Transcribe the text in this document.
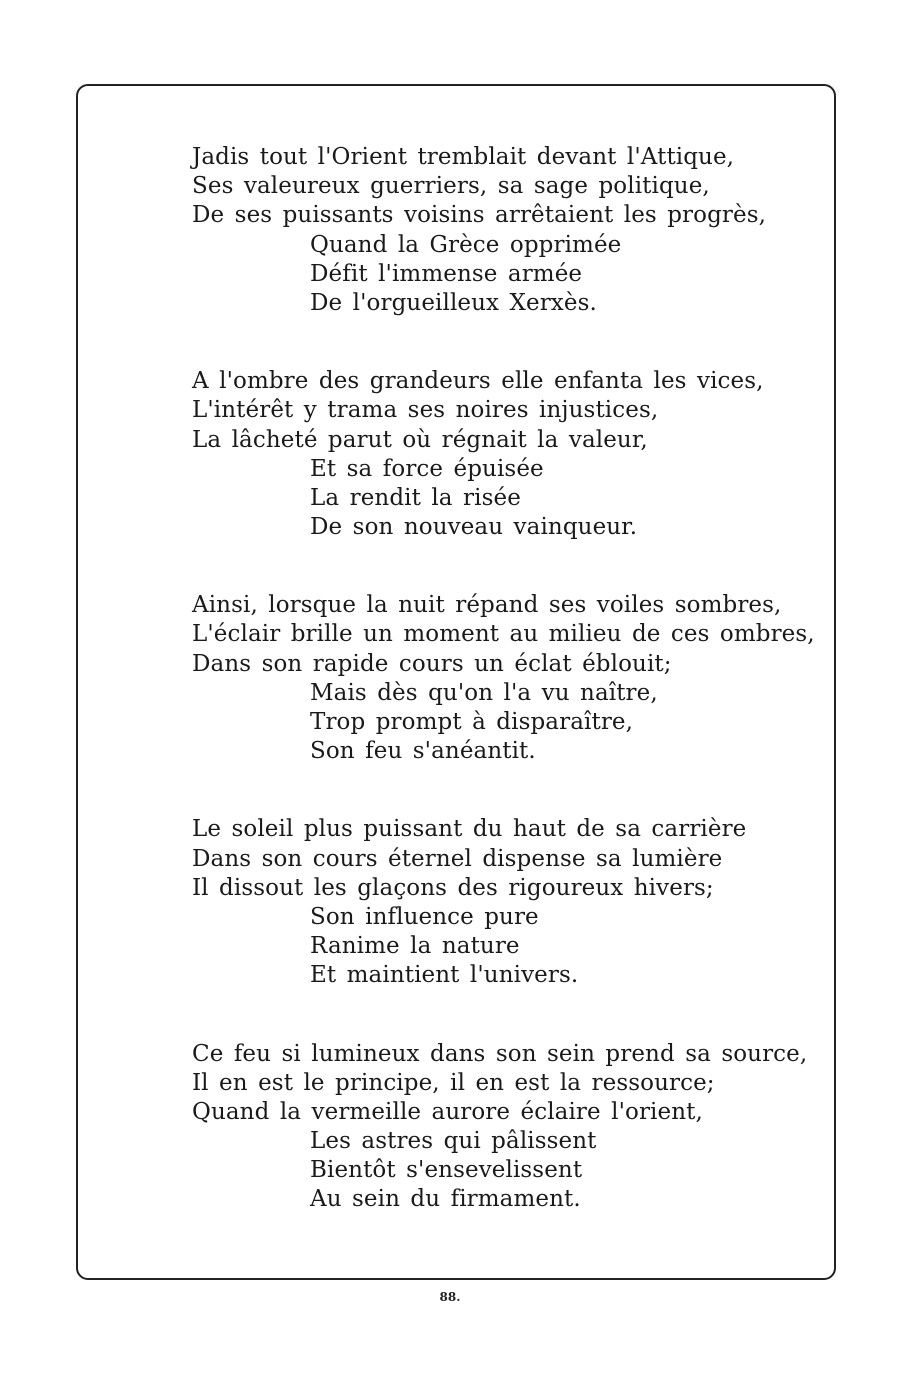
Jadis tout l'Orient tremblait devant l'Attique,
Ses valeureux guerriers, sa sage politique,
De ses puissants voisins arrêtaient les progrès,
Quand la Grèce opprimée
Défit l'immense armée
De l'orgueilleux Xerxès.
A l'ombre des grandeurs elle enfanta les vices,
L'intérêt y trama ses noires injustices,
La lâcheté parut où régnait la valeur,
Et sa force épuisée
La rendit la risée
De son nouveau vainqueur.
Ainsi, lorsque la nuit répand ses voiles sombres,
L'éclair brille un moment au milieu de ces ombres,
Dans son rapide cours un éclat éblouit;
Mais dès qu'on l'a vu naître,
Trop prompt à disparaître,
Son feu s'anéantit.
Le soleil plus puissant du haut de sa carrière
Dans son cours éternel dispense sa lumière
Il dissout les glaçons des rigoureux hivers;
Son influence pure
Ranime la nature
Et maintient l'univers.
Ce feu si lumineux dans son sein prend sa source,
Il en est le principe, il en est la ressource;
Quand la vermeille aurore éclaire l'orient,
Les astres qui pâlissent
Bientôt s'ensevelissent
Au sein du firmament.
88.
